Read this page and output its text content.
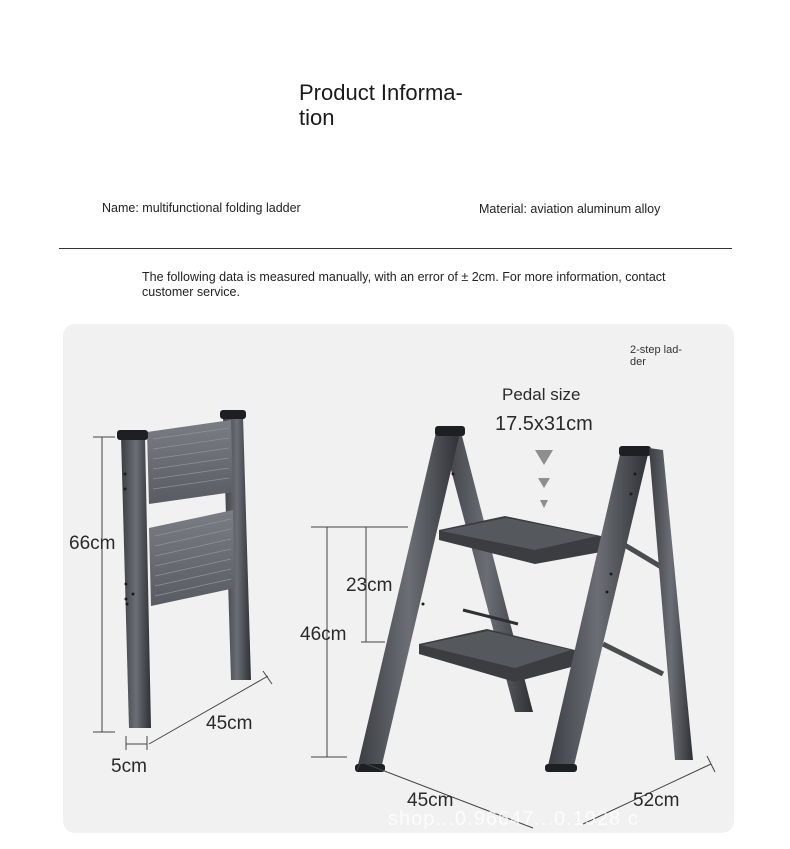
Product Informa-
tion
Name: multifunctional folding ladder	Material: aviation aluminum alloy
The following data is measured manually, with an error of ± 2cm. For more information, contact customer service.
66cm
45cm
5cm
2-step lad- der
Pedal size
17.5x31cm
23cm
46cm
45cm	52cm
shop...0.96647...0.1928 c
